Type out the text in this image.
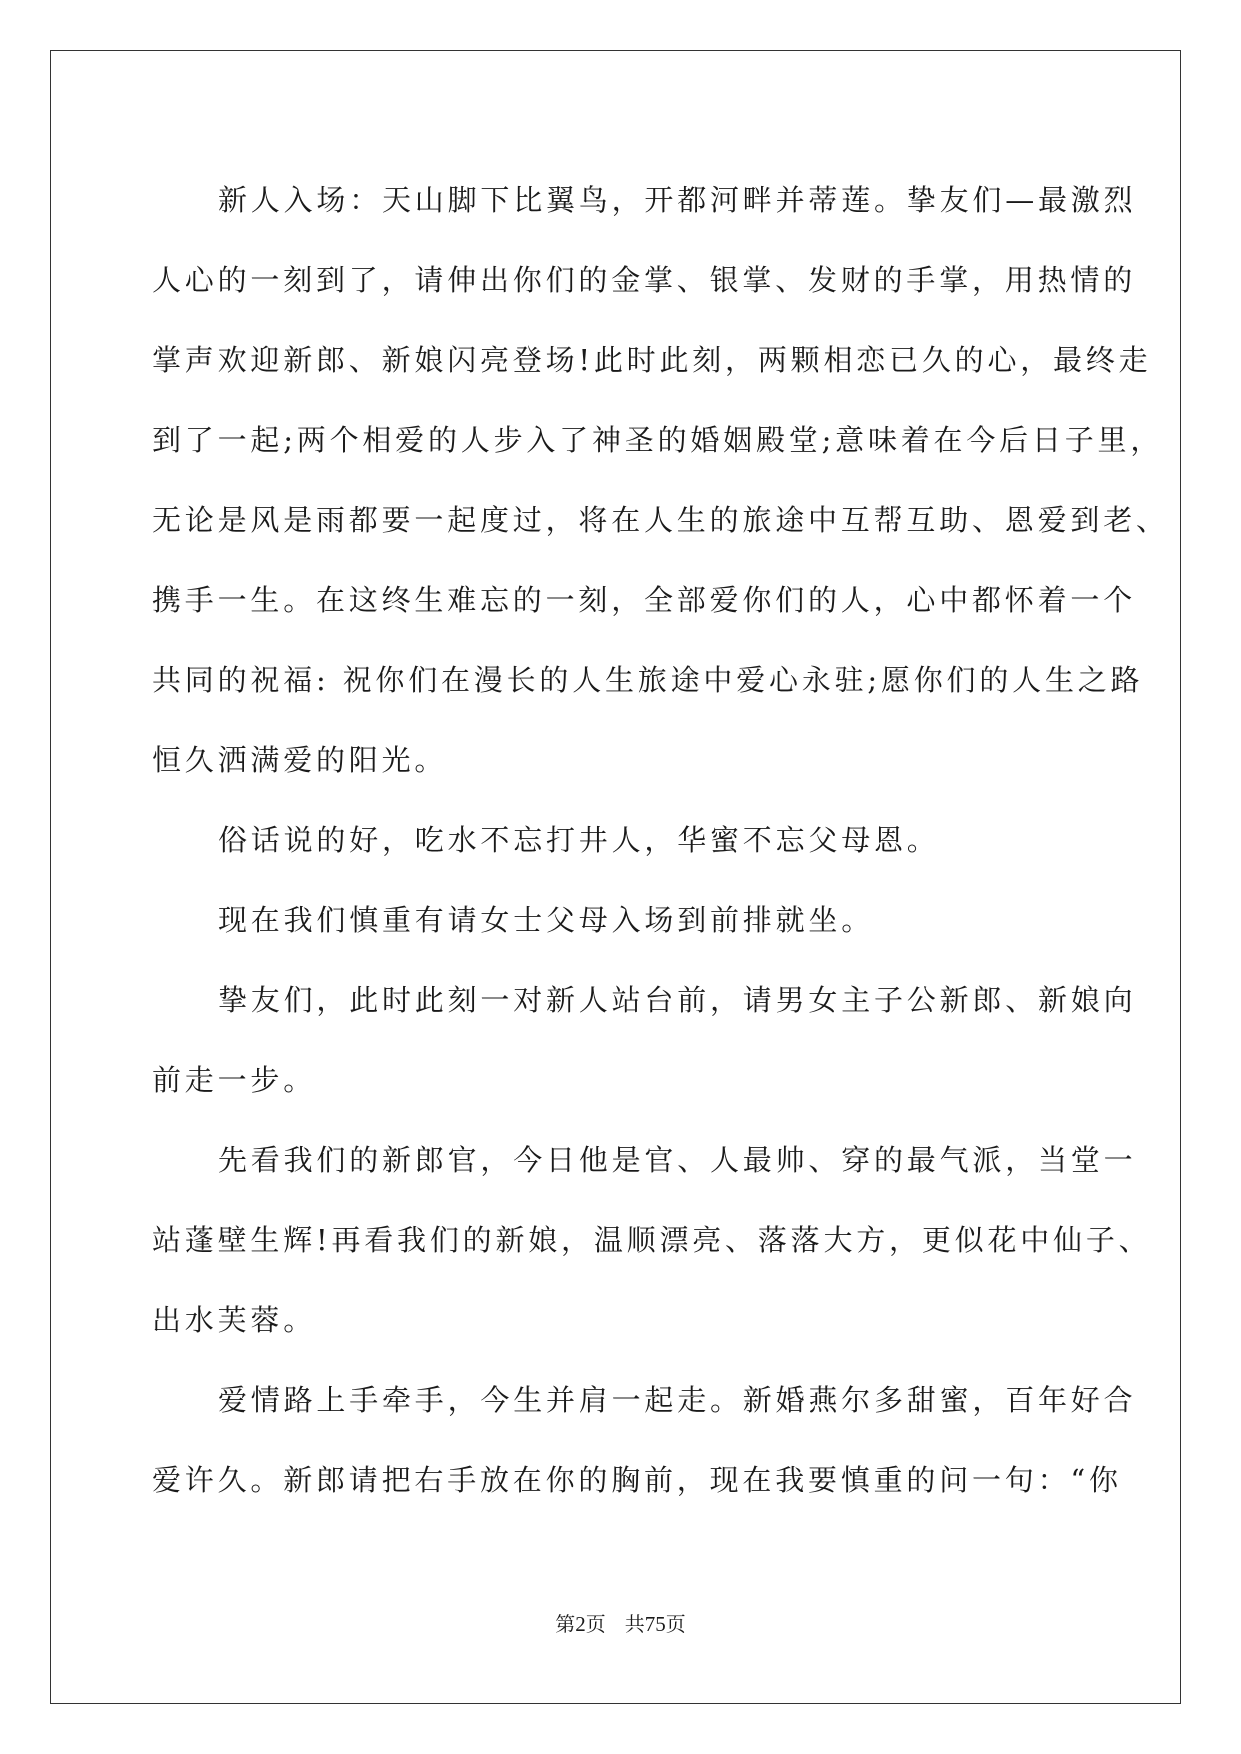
新人入场：天山脚下比翼鸟，开都河畔并蒂莲。挚友们—最激烈
人心的一刻到了，请伸出你们的金掌、银掌、发财的手掌，用热情的
掌声欢迎新郎、新娘闪亮登场!此时此刻，两颗相恋已久的心，最终走
到了一起;两个相爱的人步入了神圣的婚姻殿堂;意味着在今后日子里，
无论是风是雨都要一起度过，将在人生的旅途中互帮互助、恩爱到老、
携手一生。在这终生难忘的一刻，全部爱你们的人，心中都怀着一个
共同的祝福: 祝你们在漫长的人生旅途中爱心永驻;愿你们的人生之路
恒久洒满爱的阳光。
俗话说的好，吃水不忘打井人，华蜜不忘父母恩。
现在我们慎重有请女士父母入场到前排就坐。
挚友们，此时此刻一对新人站台前，请男女主子公新郎、新娘向
前走一步。
先看我们的新郎官，今日他是官、人最帅、穿的最气派，当堂一
站蓬壁生辉!再看我们的新娘，温顺漂亮、落落大方，更似花中仙子、
出水芙蓉。
爱情路上手牵手，今生并肩一起走。新婚燕尔多甜蜜，百年好合
爱许久。新郎请把右手放在你的胸前，现在我要慎重的问一句：“你
第2页 共75页
